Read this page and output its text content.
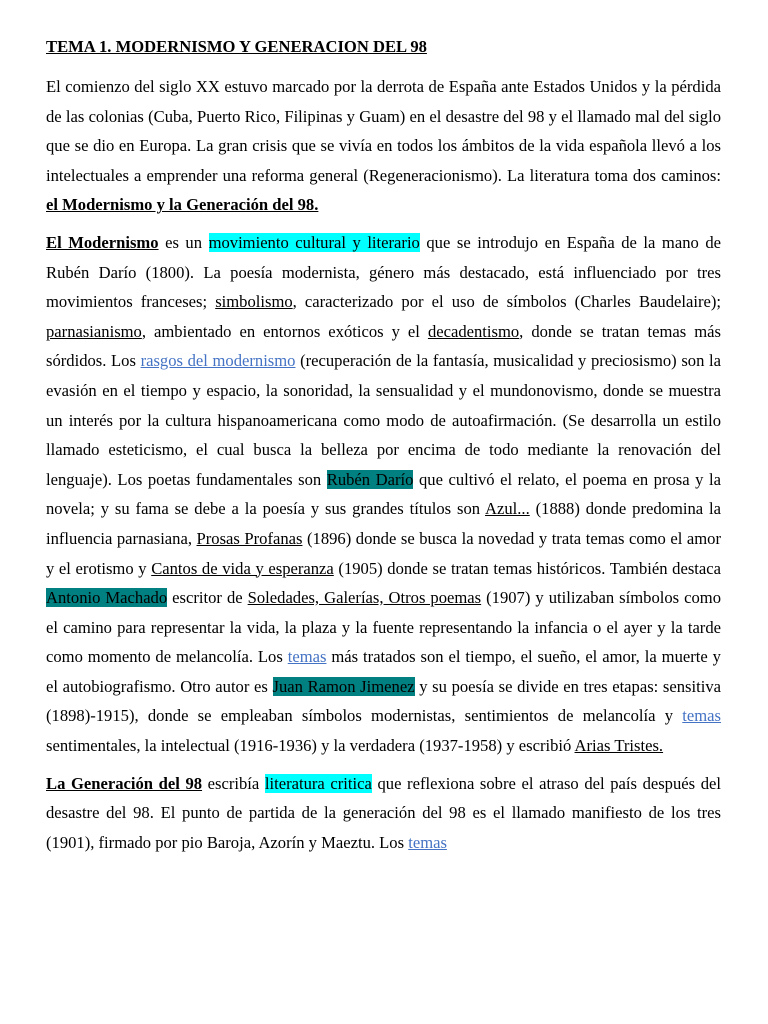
TEMA 1. MODERNISMO Y GENERACION DEL 98

El comienzo del siglo XX estuvo marcado por la derrota de España ante Estados Unidos y la pérdida de las colonias (Cuba, Puerto Rico, Filipinas y Guam) en el desastre del 98 y el llamado mal del siglo que se dio en Europa. La gran crisis que se vivía en todos los ámbitos de la vida española llevó a los intelectuales a emprender una reforma general (Regeneracionismo). La literatura toma dos caminos: el Modernismo y la Generación del 98.

El Modernismo es un movimiento cultural y literario que se introdujo en España de la mano de Rubén Darío (1800). La poesía modernista, género más destacado, está influenciado por tres movimientos franceses; simbolismo, caracterizado por el uso de símbolos (Charles Baudelaire); parnasianismo, ambientado en entornos exóticos y el decadentismo, donde se tratan temas más sórdidos. Los rasgos del modernismo (recuperación de la fantasía, musicalidad y preciosismo) son la evasión en el tiempo y espacio, la sonoridad, la sensualidad y el mundonovismo, donde se muestra un interés por la cultura hispanoamericana como modo de autoafirmación. (Se desarrolla un estilo llamado esteticismo, el cual busca la belleza por encima de todo mediante la renovación del lenguaje). Los poetas fundamentales son Rubén Darío que cultivó el relato, el poema en prosa y la novela; y su fama se debe a la poesía y sus grandes títulos son Azul... (1888) donde predomina la influencia parnasiana, Prosas Profanas (1896) donde se busca la novedad y trata temas como el amor y el erotismo y Cantos de vida y esperanza (1905) donde se tratan temas históricos. También destaca Antonio Machado escritor de Soledades, Galerías, Otros poemas (1907) y utilizaban símbolos como el camino para representar la vida, la plaza y la fuente representando la infancia o el ayer y la tarde como momento de melancolía. Los temas más tratados son el tiempo, el sueño, el amor, la muerte y el autobiografismo. Otro autor es Juan Ramon Jimenez y su poesía se divide en tres etapas: sensitiva (1898)-1915), donde se empleaban símbolos modernistas, sentimientos de melancolía y temas sentimentales, la intelectual (1916-1936) y la verdadera (1937-1958) y escribió Arias Tristes.

La Generación del 98 escribía literatura critica que reflexiona sobre el atraso del país después del desastre del 98. El punto de partida de la generación del 98 es el llamado manifiesto de los tres (1901), firmado por pio Baroja, Azorín y Maeztu. Los temas
